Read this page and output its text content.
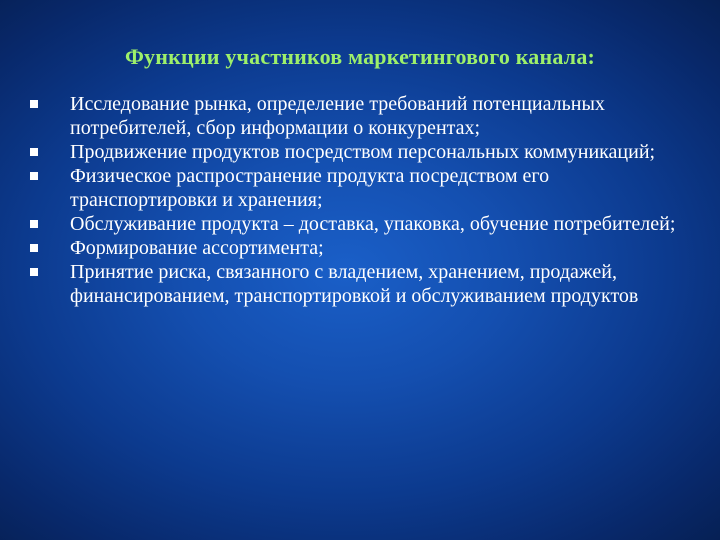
Функции участников маркетингового канала:
Исследование рынка, определение требований потенциальных потребителей, сбор информации о конкурентах;
Продвижение продуктов посредством персональных коммуникаций;
Физическое распространение продукта посредством его транспортировки и хранения;
Обслуживание продукта – доставка, упаковка, обучение потребителей;
Формирование ассортимента;
Принятие риска, связанного с владением, хранением, продажей, финансированием, транспортировкой и обслуживанием продуктов
